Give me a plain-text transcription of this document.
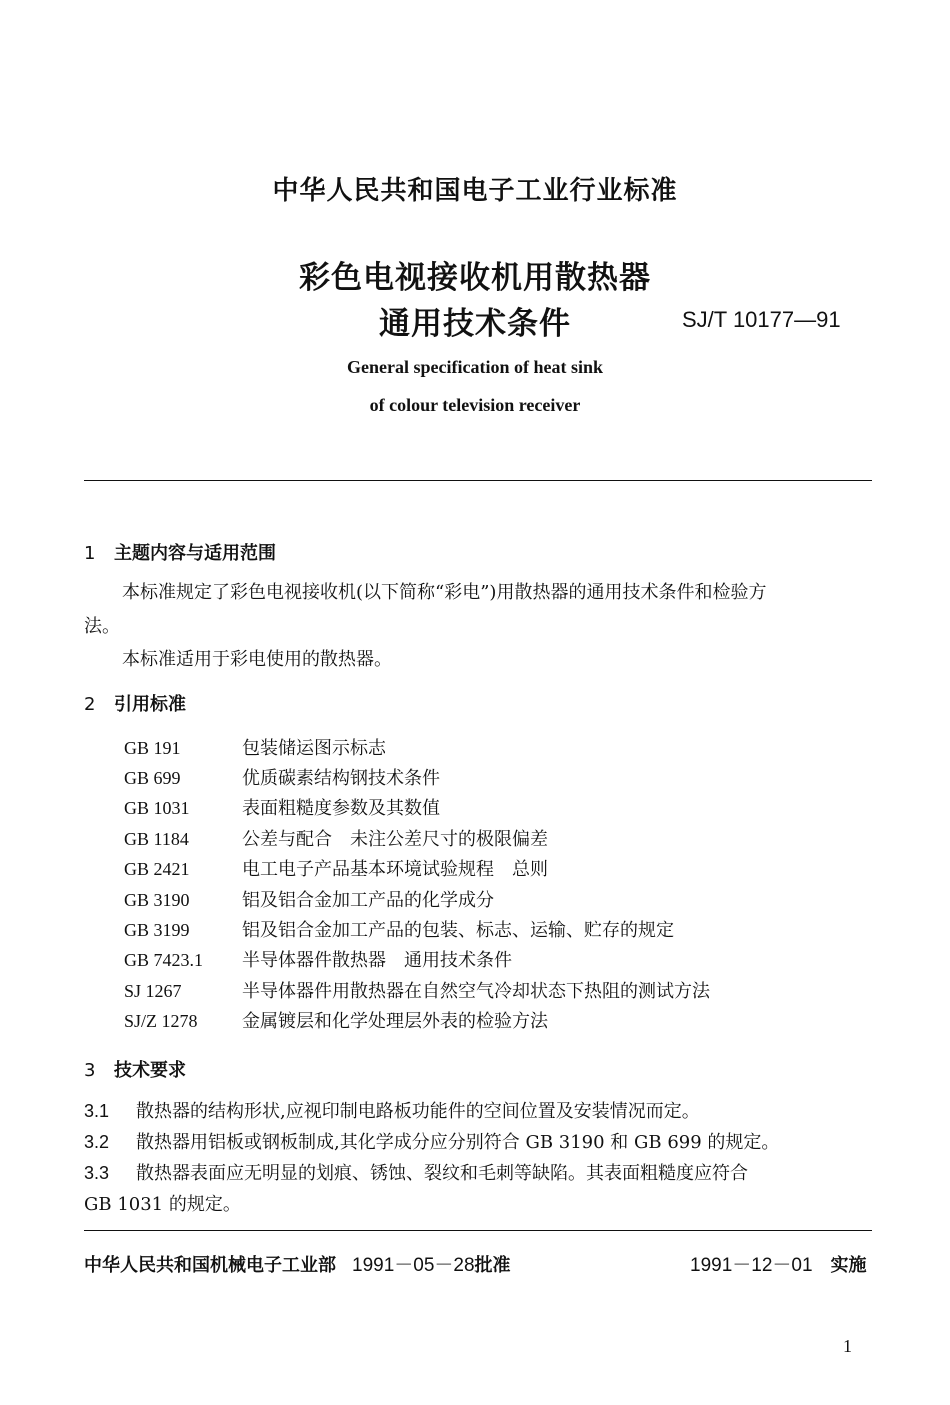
中华人民共和国电子工业行业标准
彩色电视接收机用散热器
通用技术条件	SJ/T 10177—91
General specification of heat sink
of colour television receiver
1 主题内容与适用范围
本标准规定了彩色电视接收机(以下简称“彩电”)用散热器的通用技术条件和检验方
法。
本标准适用于彩电使用的散热器。
2 引用标准
GB 191	包装储运图示标志
GB 699	优质碳素结构钢技术条件
GB 1031	表面粗糙度参数及其数值
GB 1184	公差与配合　未注公差尺寸的极限偏差
GB 2421	电工电子产品基本环境试验规程　总则
GB 3190	铝及铝合金加工产品的化学成分
GB 3199	铝及铝合金加工产品的包装、标志、运输、贮存的规定
GB 7423.1 半导体器件散热器　通用技术条件
SJ 1267	半导体器件用散热器在自然空气冷却状态下热阻的测试方法
SJ/Z 1278 金属镀层和化学处理层外表的检验方法
3 技术要求
3.1 散热器的结构形状,应视印制电路板功能件的空间位置及安装情况而定。
3.2 散热器用铝板或钢板制成,其化学成分应分别符合 GB 3190 和 GB 699 的规定。
3.3 散热器表面应无明显的划痕、锈蚀、裂纹和毛刺等缺陷。其表面粗糙度应符合
GB 1031 的规定。
中华人民共和国机械电子工业部 1991－05－28批准	1991－12－01 实施
1
